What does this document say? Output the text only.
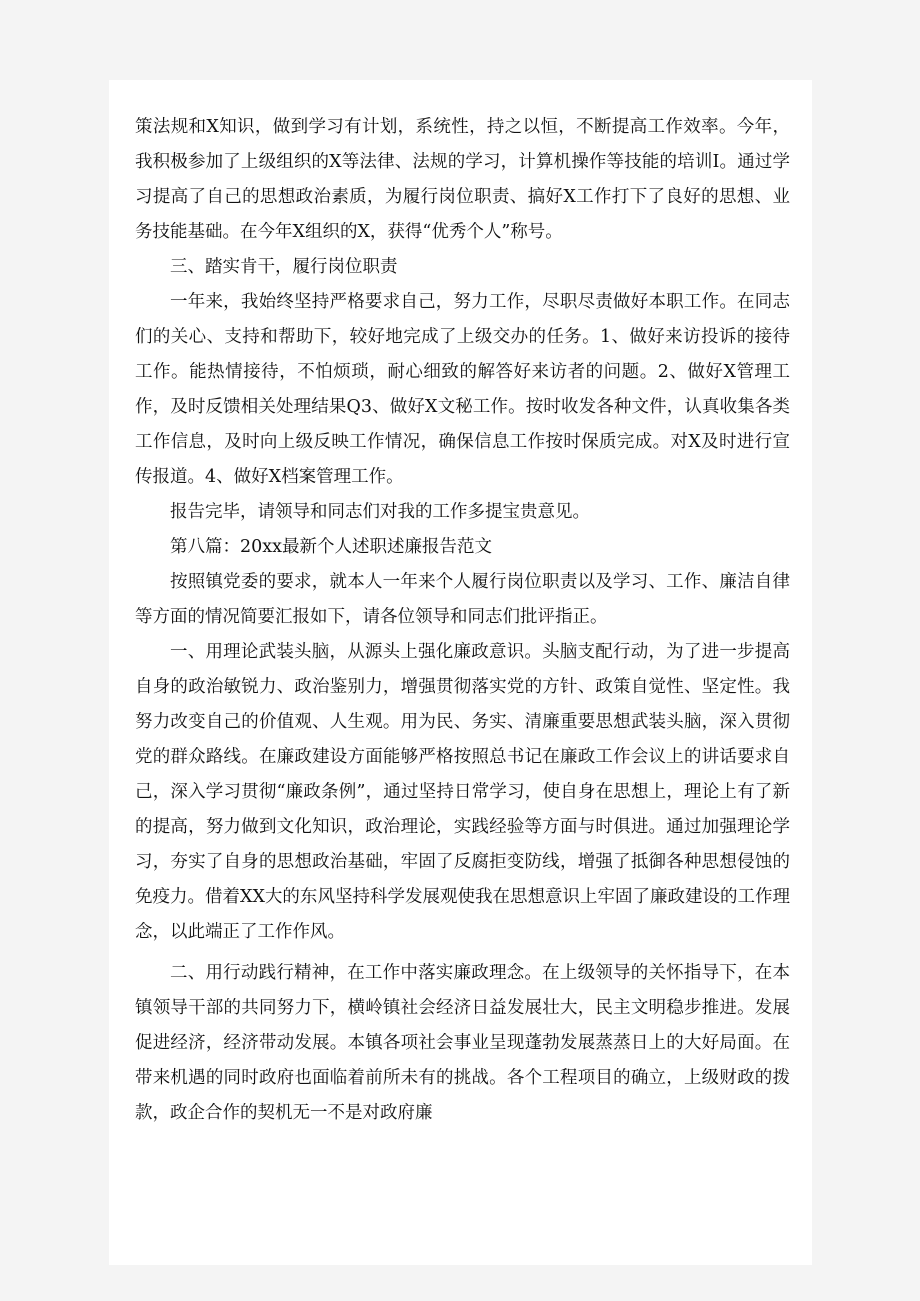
策法规和X知识，做到学习有计划，系统性，持之以恒，不断提高工作效率。今年，我积极参加了上级组织的X等法律、法规的学习，计算机操作等技能的培训I。通过学习提高了自己的思想政治素质，为履行岗位职责、搞好X工作打下了良好的思想、业务技能基础。在今年X组织的X，获得“优秀个人”称号。

三、踏实肯干，履行岗位职责

一年来，我始终坚持严格要求自己，努力工作，尽职尽责做好本职工作。在同志们的关心、支持和帮助下，较好地完成了上级交办的任务。1、做好来访投诉的接待工作。能热情接待，不怕烦琐，耐心细致的解答好来访者的问题。2、做好X管理工作，及时反馈相关处理结果Q3、做好X文秘工作。按时收发各种文件，认真收集各类工作信息，及时向上级反映工作情况，确保信息工作按时保质完成。对X及时进行宣传报道。4、做好X档案管理工作。

报告完毕，请领导和同志们对我的工作多提宝贵意见。

第八篇：20xx最新个人述职述廉报告范文

按照镇党委的要求，就本人一年来个人履行岗位职责以及学习、工作、廉洁自律等方面的情况简要汇报如下，请各位领导和同志们批评指正。

一、用理论武装头脑，从源头上强化廉政意识。头脑支配行动，为了进一步提高自身的政治敏锐力、政治鉴别力，增强贯彻落实党的方针、政策自觉性、坚定性。我努力改变自己的价值观、人生观。用为民、务实、清廉重要思想武装头脑，深入贯彻党的群众路线。在廉政建设方面能够严格按照总书记在廉政工作会议上的讲话要求自己，深入学习贯彻“廉政条例”，通过坚持日常学习，使自身在思想上，理论上有了新的提高，努力做到文化知识，政治理论，实践经验等方面与时俱进。通过加强理论学习，夯实了自身的思想政治基础，牢固了反腐拒变防线，增强了抵御各种思想侵蚀的免疫力。借着XX大的东风坚持科学发展观使我在思想意识上牢固了廉政建设的工作理念，以此端正了工作作风。

二、用行动践行精神，在工作中落实廉政理念。在上级领导的关怀指导下，在本镇领导干部的共同努力下，横岭镇社会经济日益发展壮大，民主文明稳步推进。发展促进经济，经济带动发展。本镇各项社会事业呈现蓬勃发展蒸蒸日上的大好局面。在带来机遇的同时政府也面临着前所未有的挑战。各个工程项目的确立，上级财政的拨款，政企合作的契机无一不是对政府廉
